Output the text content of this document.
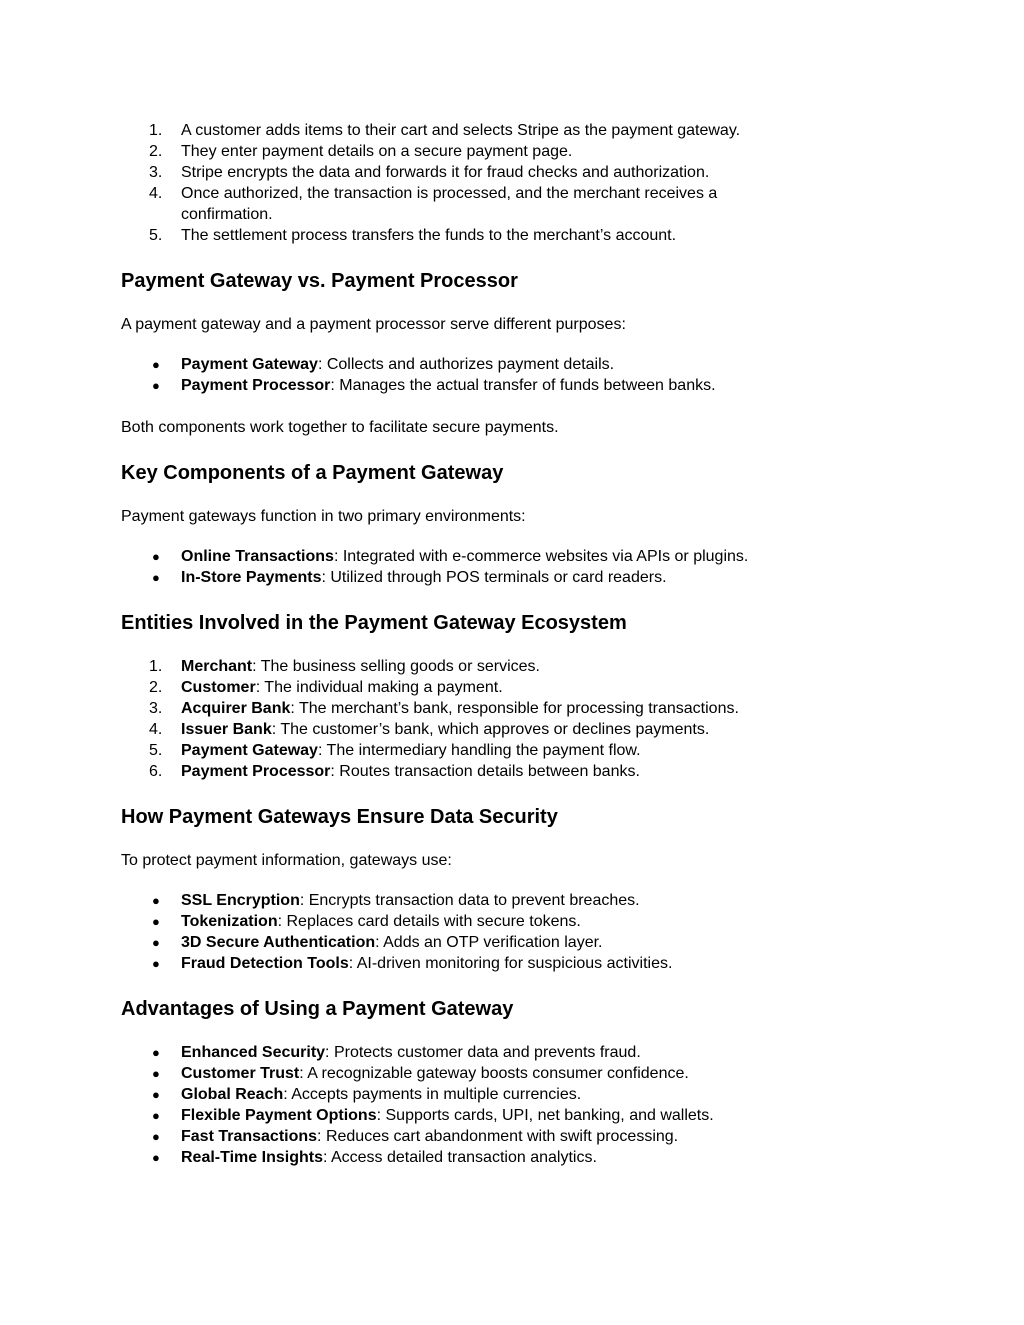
1. A customer adds items to their cart and selects Stripe as the payment gateway.
2. They enter payment details on a secure payment page.
3. Stripe encrypts the data and forwards it for fraud checks and authorization.
4. Once authorized, the transaction is processed, and the merchant receives a confirmation.
5. The settlement process transfers the funds to the merchant’s account.
Payment Gateway vs. Payment Processor

A payment gateway and a payment processor serve different purposes:

● Payment Gateway: Collects and authorizes payment details.
● Payment Processor: Manages the actual transfer of funds between banks.

Both components work together to facilitate secure payments.

Key Components of a Payment Gateway

Payment gateways function in two primary environments:

● Online Transactions: Integrated with e-commerce websites via APIs or plugins.
● In-Store Payments: Utilized through POS terminals or card readers.
Entities Involved in the Payment Gateway Ecosystem
1. Merchant: The business selling goods or services.
2. Customer: The individual making a payment.
3. Acquirer Bank: The merchant’s bank, responsible for processing transactions.
4. Issuer Bank: The customer’s bank, which approves or declines payments.
5. Payment Gateway: The intermediary handling the payment flow.
6. Payment Processor: Routes transaction details between banks.
How Payment Gateways Ensure Data Security

To protect payment information, gateways use:

● SSL Encryption: Encrypts transaction data to prevent breaches.
● Tokenization: Replaces card details with secure tokens.
● 3D Secure Authentication: Adds an OTP verification layer.
● Fraud Detection Tools: AI-driven monitoring for suspicious activities.
Advantages of Using a Payment Gateway
● Enhanced Security: Protects customer data and prevents fraud.
● Customer Trust: A recognizable gateway boosts consumer confidence.
● Global Reach: Accepts payments in multiple currencies.
● Flexible Payment Options: Supports cards, UPI, net banking, and wallets.
● Fast Transactions: Reduces cart abandonment with swift processing.
● Real-Time Insights: Access detailed transaction analytics.
